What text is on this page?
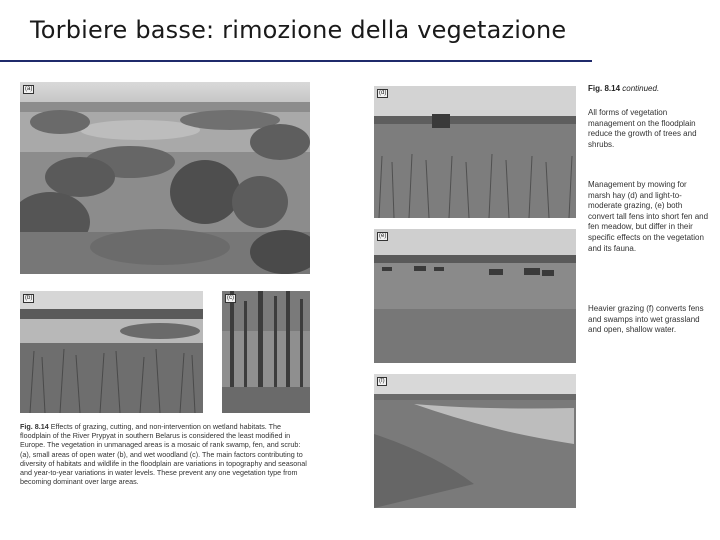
Torbiere basse: rimozione della vegetazione
(a)
(b)	(c)
Fig. 8.14 Effects of grazing, cutting, and non-intervention on wetland habitats. The floodplain of the River Prypyat in southern Belarus is considered the least modified in Europe. The vegetation in unmanaged areas is a mosaic of rank swamp, fen, and scrub: (a), small areas of open water (b), and wet woodland (c). The main factors contributing to diversity of habitats and wildlife in the floodplain are variations in topography and seasonal and year-to-year variations in water levels. These prevent any one vegetation type from becoming dominant over large areas.
(d)
(e)
(f)
Fig. 8.14 continued.
All forms of vegetation management on the floodplain reduce the growth of trees and shrubs.
Management by mowing for marsh hay (d) and light-to-moderate grazing, (e) both convert tall fens into short fen and fen meadow, but differ in their specific effects on the vegetation and its fauna.
Heavier grazing (f) converts fens and swamps into wet grassland and open, shallow water.
